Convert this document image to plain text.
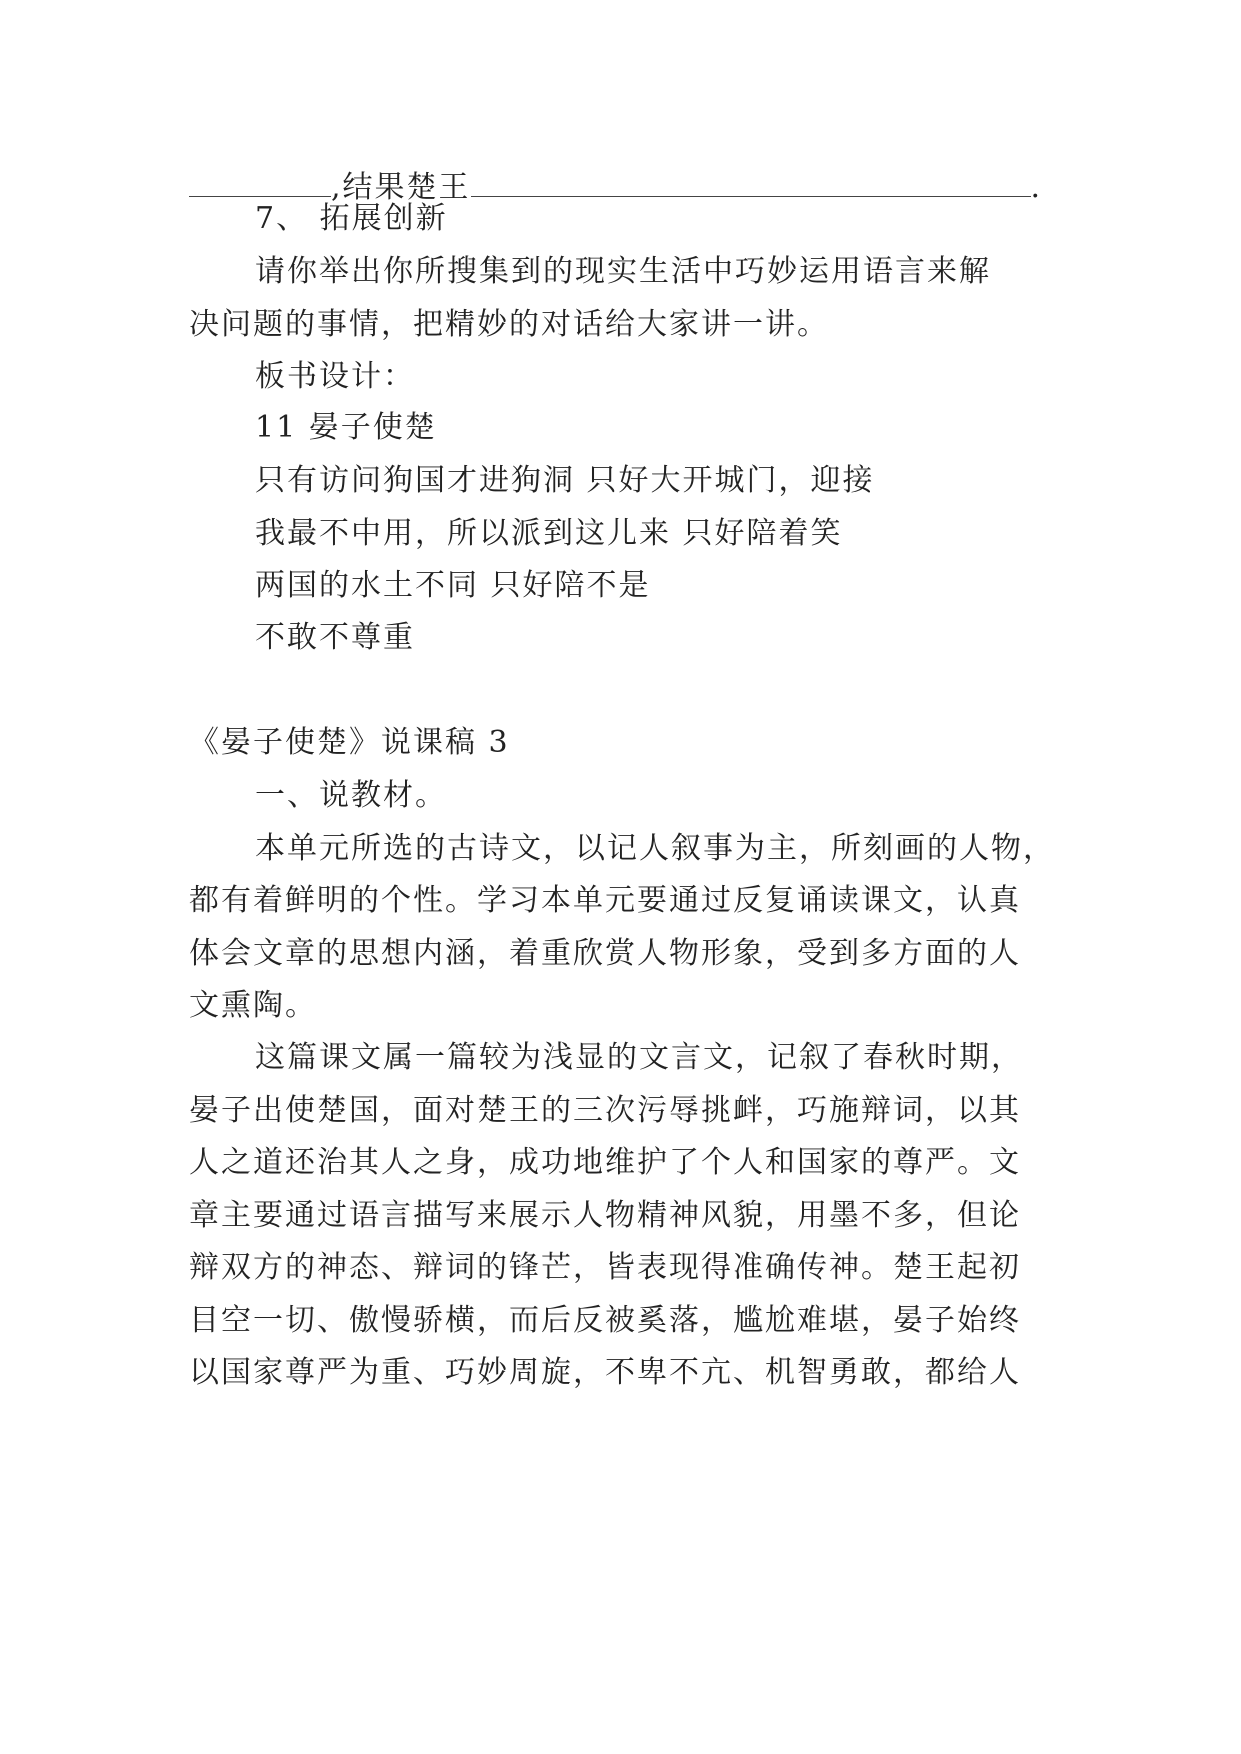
,结果楚王	.
7、 拓展创新
请你举出你所搜集到的现实生活中巧妙运用语言来解
决问题的事情，把精妙的对话给大家讲一讲。
板书设计：
11 晏子使楚
只有访问狗国才进狗洞 只好大开城门，迎接
我最不中用，所以派到这儿来 只好陪着笑
两国的水土不同 只好陪不是
不敢不尊重
《晏子使楚》说课稿 3
一、说教材。
本单元所选的古诗文，以记人叙事为主，所刻画的人物，
都有着鲜明的个性。学习本单元要通过反复诵读课文，认真
体会文章的思想内涵，着重欣赏人物形象，受到多方面的人
文熏陶。
这篇课文属一篇较为浅显的文言文，记叙了春秋时期，
晏子出使楚国，面对楚王的三次污辱挑衅，巧施辩词，以其
人之道还治其人之身，成功地维护了个人和国家的尊严。文
章主要通过语言描写来展示人物精神风貌，用墨不多，但论
辩双方的神态、辩词的锋芒，皆表现得准确传神。楚王起初
目空一切、傲慢骄横，而后反被奚落，尴尬难堪，晏子始终
以国家尊严为重、巧妙周旋，不卑不亢、机智勇敢，都给人
